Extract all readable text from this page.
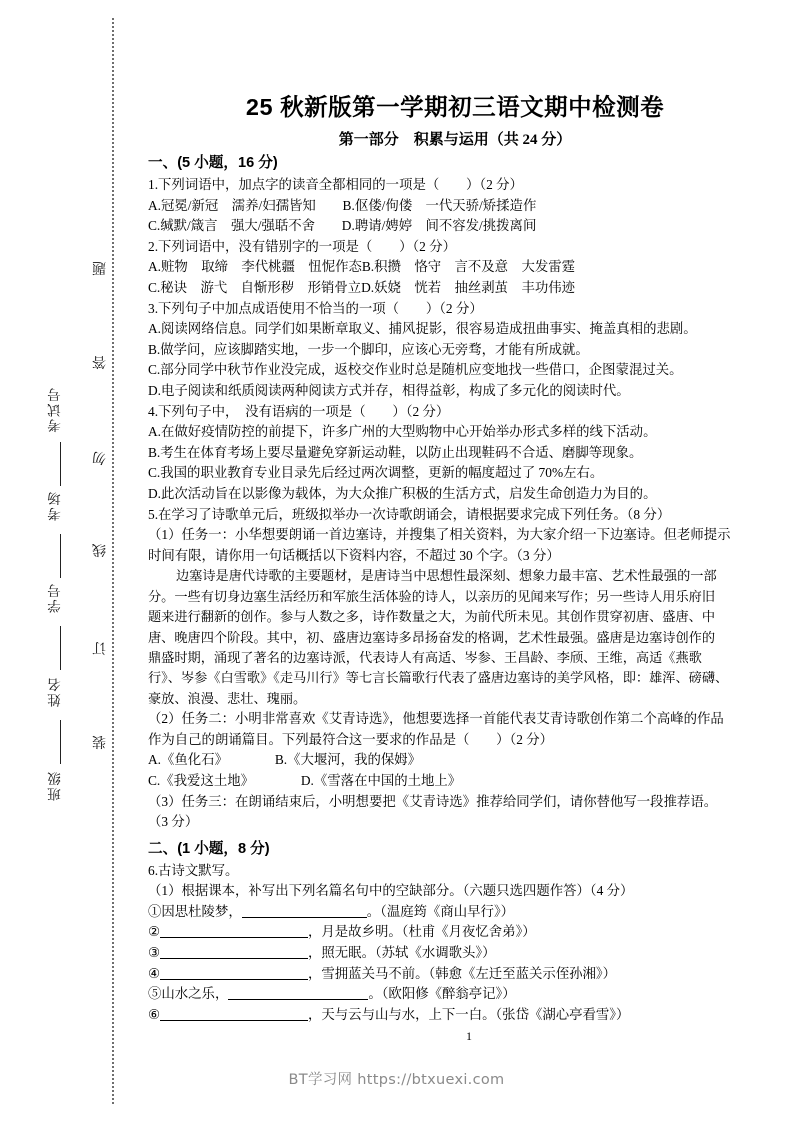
题
答
勿
线
订
装
考试号
考场
学号
姓名
班级
25 秋新版第一学期初三语文期中检测卷
第一部分　积累与运用（共 24 分）
一、(5 小题，16 分)
1.下列词语中，加点字的读音全都相同的一项是（　　）（2 分）
A.冠冕/新冠　濡养/妇孺皆知　　B.伛偻/佝偻　一代天骄/矫揉造作
C.缄默/箴言　强大/强聒不舍　　D.聘请/娉婷　间不容发/挑拨离间
2.下列词语中，没有错别字的一项是（　　）（2 分）
A.赃物　取缔　李代桃疆　忸怩作态B.积攒　恪守　言不及意　大发雷霆
C.秘诀　游弋　自惭形秽　形销骨立D.妖娆　恍若　抽丝剥茧　丰功伟迹
3.下列句子中加点成语使用不恰当的一项（　　）（2 分）
A.阅读网络信息。同学们如果断章取义、捕风捉影，很容易造成扭曲事实、掩盖真相的悲剧。
B.做学问，应该脚踏实地，一步一个脚印，应该心无旁骛，才能有所成就。
C.部分同学中秋节作业没完成，返校交作业时总是随机应变地找一些借口，企图蒙混过关。
D.电子阅读和纸质阅读两种阅读方式并存，相得益彰，构成了多元化的阅读时代。
4.下列句子中，　没有语病的一项是（　　）（2 分）
A.在做好疫情防控的前提下，许多广州的大型购物中心开始举办形式多样的线下活动。
B.考生在体育考场上要尽量避免穿新运动鞋，以防止出现鞋码不合适、磨脚等现象。
C.我国的职业教育专业目录先后经过两次调整，更新的幅度超过了 70%左右。
D.此次活动旨在以影像为载体，为大众推广积极的生活方式，启发生命创造力为目的。
5.在学习了诗歌单元后，班级拟举办一次诗歌朗诵会，请根据要求完成下列任务。（8 分）
（1）任务一：小华想要朗诵一首边塞诗，并搜集了相关资料，为大家介绍一下边塞诗。但老师提示
时间有限，请你用一句话概括以下资料内容，不超过 30 个字。（3 分）
边塞诗是唐代诗歌的主要题材，是唐诗当中思想性最深刻、想象力最丰富、艺术性最强的一部
分。一些有切身边塞生活经历和军旅生活体验的诗人，以亲历的见闻来写作；另一些诗人用乐府旧
题来进行翻新的创作。参与人数之多，诗作数量之大，为前代所未见。其创作贯穿初唐、盛唐、中
唐、晚唐四个阶段。其中，初、盛唐边塞诗多昂扬奋发的格调，艺术性最强。盛唐是边塞诗创作的
鼎盛时期，涌现了著名的边塞诗派，代表诗人有高适、岑参、王昌龄、李颀、王维，高适《燕歌
行》、岑参《白雪歌》《走马川行》等七言长篇歌行代表了盛唐边塞诗的美学风格，即：雄浑、磅礴、
豪放、浪漫、悲壮、瑰丽。
（2）任务二：小明非常喜欢《艾青诗选》，他想要选择一首能代表艾青诗歌创作第二个高峰的作品
作为自己的朗诵篇目。下列最符合这一要求的作品是（　　）（2 分）
A.《鱼化石》　　　　B.《大堰河，我的保姆》
C.《我爱这土地》　　　　D.《雪落在中国的土地上》
（3）任务三：在朗诵结束后，小明想要把《艾青诗选》推荐给同学们，请你替他写一段推荐语。
（3 分）
二、(1 小题，8 分)
6.古诗文默写。
（1）根据课本，补写出下列名篇名句中的空缺部分。（六题只选四题作答）（4 分）
①因思杜陵梦，	。（温庭筠《商山早行》）
②	，月是故乡明。（杜甫《月夜忆舍弟》）
③	，照无眠。（苏轼《水调歌头》）
④	，雪拥蓝关马不前。（韩愈《左迁至蓝关示侄孙湘》）
⑤山水之乐，	。（欧阳修《醉翁亭记》）
⑥	，天与云与山与水，上下一白。（张岱《湖心亭看雪》）
1
BT学习网 https://btxuexi.com
